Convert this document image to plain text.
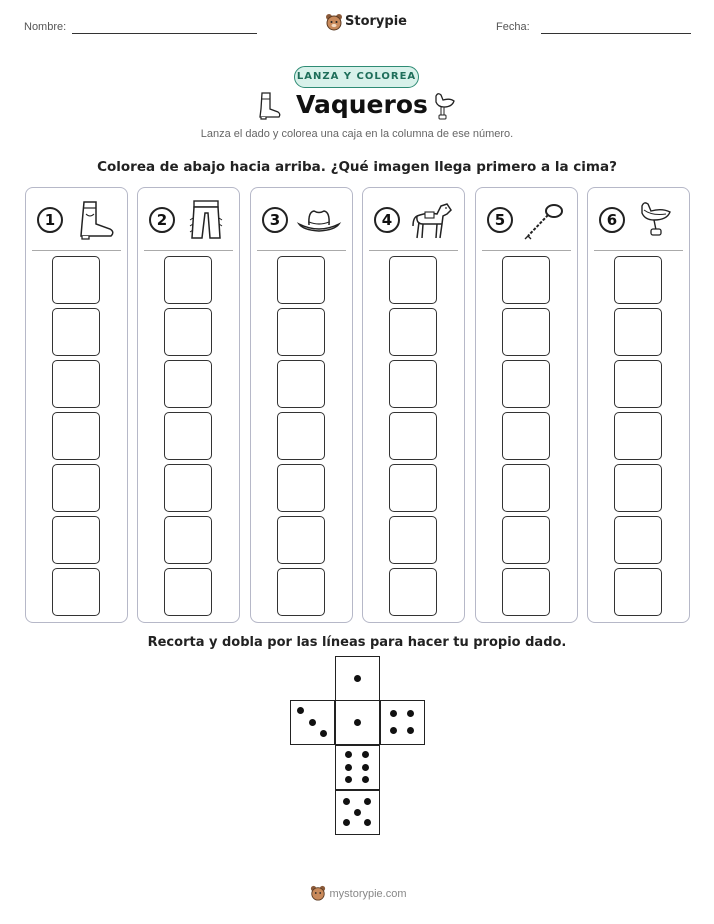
Nombre:	Storypie	Fecha:
LANZA Y COLOREA
Vaqueros
Lanza el dado y colorea una caja en la columna de ese número.
Colorea de abajo hacia arriba. ¿Qué imagen llega primero a la cima?
1	2	3	4	5	6
Recorta y dobla por las líneas para hacer tu propio dado.
mystorypie.com
